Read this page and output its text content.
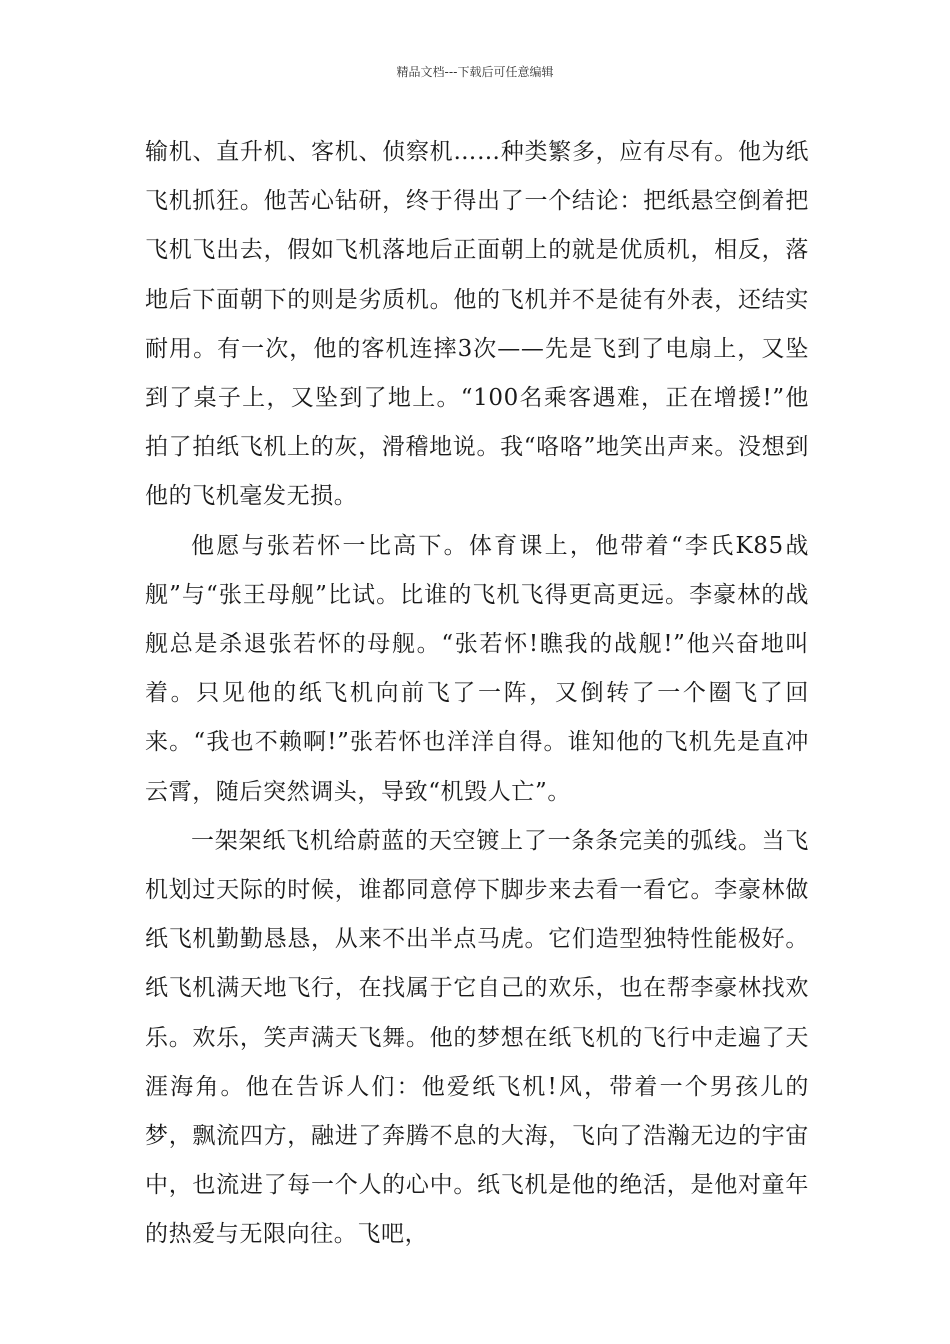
精品文档---下载后可任意编辑

输机、直升机、客机、侦察机……种类繁多，应有尽有。他为纸飞机抓狂。他苦心钻研，终于得出了一个结论：把纸悬空倒着把飞机飞出去，假如飞机落地后正面朝上的就是优质机，相反，落地后下面朝下的则是劣质机。他的飞机并不是徒有外表，还结实耐用。有一次，他的客机连摔3次——先是飞到了电扇上，又坠到了桌子上，又坠到了地上。“100名乘客遇难，正在增援!”他拍了拍纸飞机上的灰，滑稽地说。我“咯咯”地笑出声来。没想到他的飞机毫发无损。

他愿与张若怀一比高下。体育课上，他带着“李氏K85战舰”与“张王母舰”比试。比谁的飞机飞得更高更远。李豪林的战舰总是杀退张若怀的母舰。“张若怀!瞧我的战舰!”他兴奋地叫着。只见他的纸飞机向前飞了一阵，又倒转了一个圈飞了回来。“我也不赖啊!”张若怀也洋洋自得。谁知他的飞机先是直冲云霄，随后突然调头，导致“机毁人亡”。

一架架纸飞机给蔚蓝的天空镀上了一条条完美的弧线。当飞机划过天际的时候，谁都同意停下脚步来去看一看它。李豪林做纸飞机勤勤恳恳，从来不出半点马虎。它们造型独特性能极好。纸飞机满天地飞行，在找属于它自己的欢乐，也在帮李豪林找欢乐。欢乐，笑声满天飞舞。他的梦想在纸飞机的飞行中走遍了天涯海角。他在告诉人们：他爱纸飞机!风，带着一个男孩儿的梦，飘流四方，融进了奔腾不息的大海，飞向了浩瀚无边的宇宙中，也流进了每一个人的心中。纸飞机是他的绝活，是他对童年的热爱与无限向往。飞吧，
